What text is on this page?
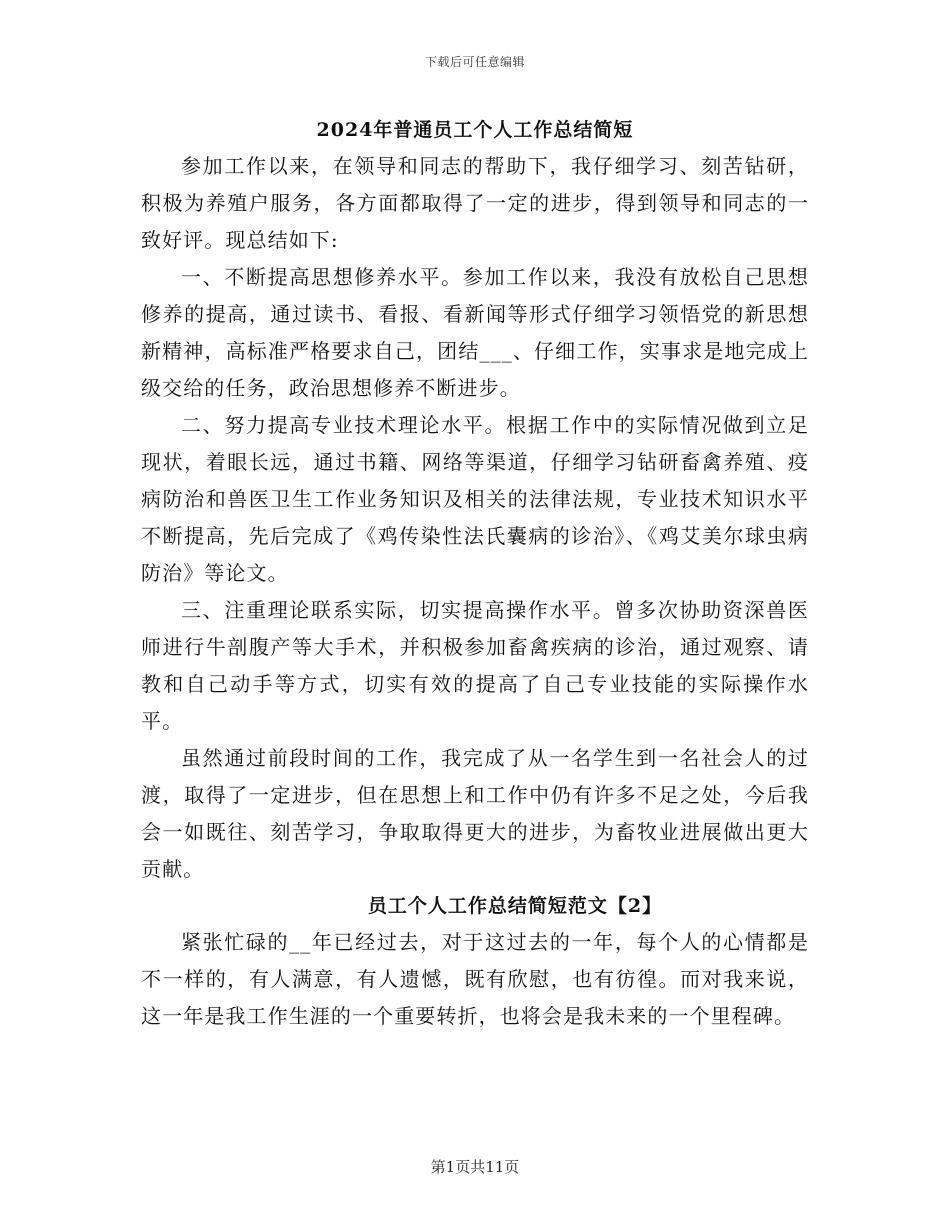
下载后可任意编辑
2024年普通员工个人工作总结简短

参加工作以来，在领导和同志的帮助下，我仔细学习、刻苦钻研，积极为养殖户服务，各方面都取得了一定的进步，得到领导和同志的一致好评。现总结如下:

一、不断提高思想修养水平。参加工作以来，我没有放松自己思想修养的提高，通过读书、看报、看新闻等形式仔细学习领悟党的新思想新精神，高标准严格要求自己，团结___、仔细工作，实事求是地完成上级交给的任务，政治思想修养不断进步。

二、努力提高专业技术理论水平。根据工作中的实际情况做到立足现状，着眼长远，通过书籍、网络等渠道，仔细学习钻研畜禽养殖、疫病防治和兽医卫生工作业务知识及相关的法律法规，专业技术知识水平不断提高，先后完成了《鸡传染性法氏囊病的诊治》、《鸡艾美尔球虫病防治》等论文。

三、注重理论联系实际，切实提高操作水平。曾多次协助资深兽医师进行牛剖腹产等大手术，并积极参加畜禽疾病的诊治，通过观察、请教和自己动手等方式，切实有效的提高了自己专业技能的实际操作水平。

虽然通过前段时间的工作，我完成了从一名学生到一名社会人的过渡，取得了一定进步，但在思想上和工作中仍有许多不足之处，今后我会一如既往、刻苦学习，争取取得更大的进步，为畜牧业进展做出更大贡献。

员工个人工作总结简短范文【2】

紧张忙碌的__年已经过去，对于这过去的一年，每个人的心情都是不一样的，有人满意，有人遗憾，既有欣慰，也有彷徨。而对我来说，这一年是我工作生涯的一个重要转折，也将会是我未来的一个里程碑。

第1页共11页
